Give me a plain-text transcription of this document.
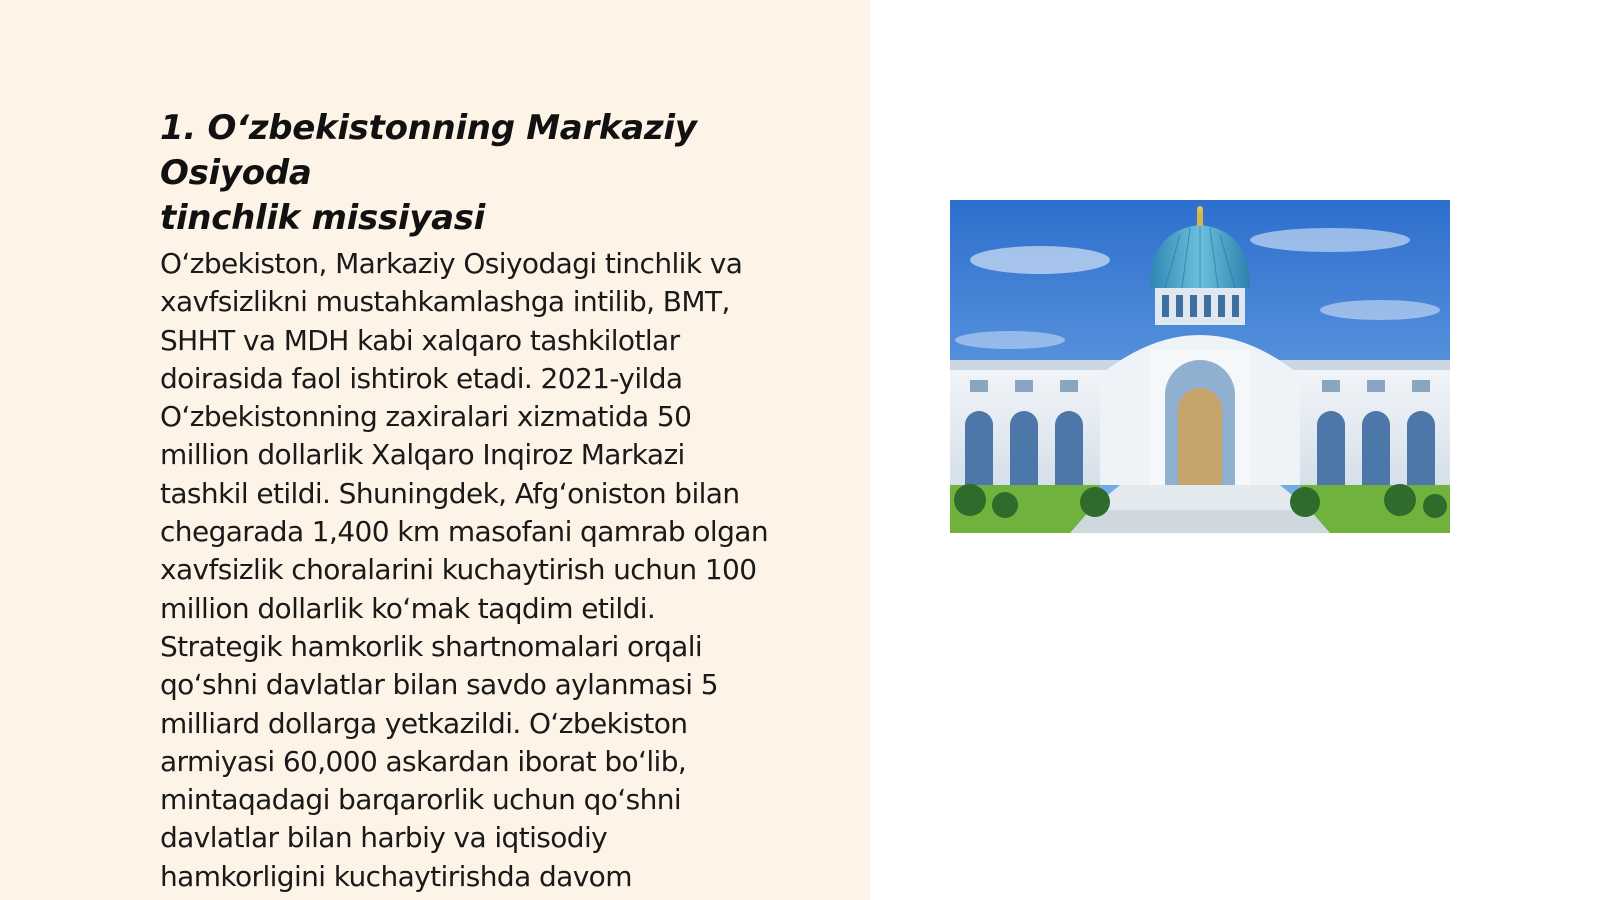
1. Oʻzbekistonning Markaziy Osiyoda
tinchlik missiyasi

Oʻzbekiston, Markaziy Osiyodagi tinchlik va
xavfsizlikni mustahkamlashga intilib, BMT,
SHHT va MDH kabi xalqaro tashkilotlar
doirasida faol ishtirok etadi. 2021-yilda
Oʻzbekistonning zaxiralari xizmatida 50
million dollarlik Xalqaro Inqiroz Markazi
tashkil etildi. Shuningdek, Afgʻoniston bilan
chegarada 1,400 km masofani qamrab olgan
xavfsizlik choralarini kuchaytirish uchun 100
million dollarlik koʻmak taqdim etildi.
Strategik hamkorlik shartnomalari orqali
qoʻshni davlatlar bilan savdo aylanmasi 5
milliard dollarga yetkazildi. Oʻzbekiston
armiyasi 60,000 askardan iborat boʻlib,
mintaqadagi barqarorlik uchun qoʻshni
davlatlar bilan harbiy va iqtisodiy
hamkorligini kuchaytirishda davom
